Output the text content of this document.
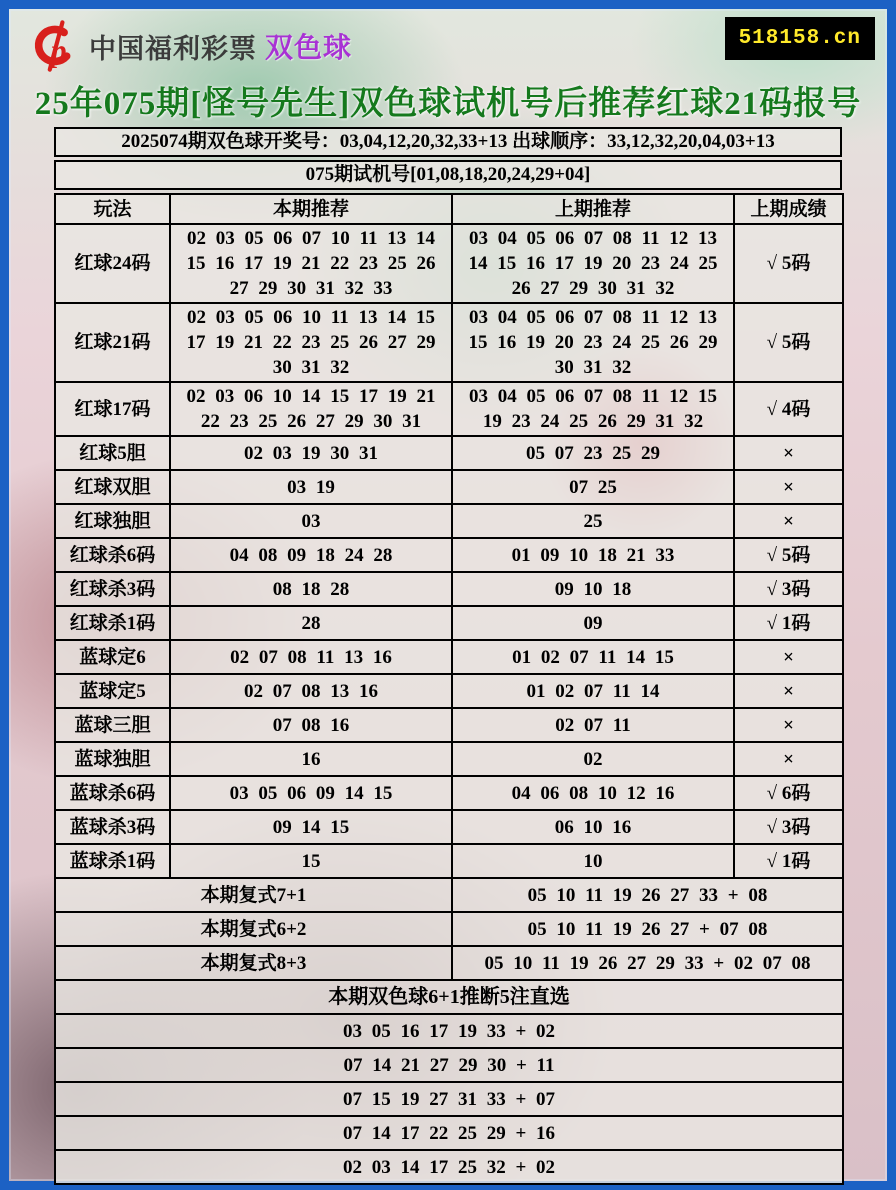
p 中国福利彩票 双色球	518158.cn
25年075期[怪号先生]双色球试机号后推荐红球21码报号
2025074期双色球开奖号：03,04,12,20,32,33+13 出球顺序：33,12,32,20,04,03+13
075期试机号[01,08,18,20,24,29+04]
玩法	本期推荐	上期推荐	上期成绩
红球24码	02 03 05 06 07 10 11 13 14 15 16 17 19 21 22 23 25 26 27 29 30 31 32 33	03 04 05 06 07 08 11 12 13 14 15 16 17 19 20 23 24 25 26 27 29 30 31 32	√ 5码
红球21码	02 03 05 06 10 11 13 14 15 17 19 21 22 23 25 26 27 29 30 31 32	03 04 05 06 07 08 11 12 13 15 16 19 20 23 24 25 26 29 30 31 32	√ 5码
红球17码	02 03 06 10 14 15 17 19 21 22 23 25 26 27 29 30 31	03 04 05 06 07 08 11 12 15 19 23 24 25 26 29 31 32	√ 4码
红球5胆	02 03 19 30 31	05 07 23 25 29	×
红球双胆	03 19	07 25	×
红球独胆	03	25	×
红球杀6码	04 08 09 18 24 28	01 09 10 18 21 33	√ 5码
红球杀3码	08 18 28	09 10 18	√ 3码
红球杀1码	28	09	√ 1码
蓝球定6	02 07 08 11 13 16	01 02 07 11 14 15	×
蓝球定5	02 07 08 13 16	01 02 07 11 14	×
蓝球三胆	07 08 16	02 07 11	×
蓝球独胆	16	02	×
蓝球杀6码	03 05 06 09 14 15	04 06 08 10 12 16	√ 6码
蓝球杀3码	09 14 15	06 10 16	√ 3码
蓝球杀1码	15	10	√ 1码
本期复式7+1		05 10 11 19 26 27 33 + 08	
本期复式6+2		05 10 11 19 26 27 + 07 08	
本期复式8+3		05 10 11 19 26 27 29 33 + 02 07 08	
本期双色球6+1推断5注直选			
03 05 16 17 19 33 + 02			
07 14 21 27 29 30 + 11			
07 15 19 27 31 33 + 07			
07 14 17 22 25 29 + 16			
02 03 14 17 25 32 + 02			
